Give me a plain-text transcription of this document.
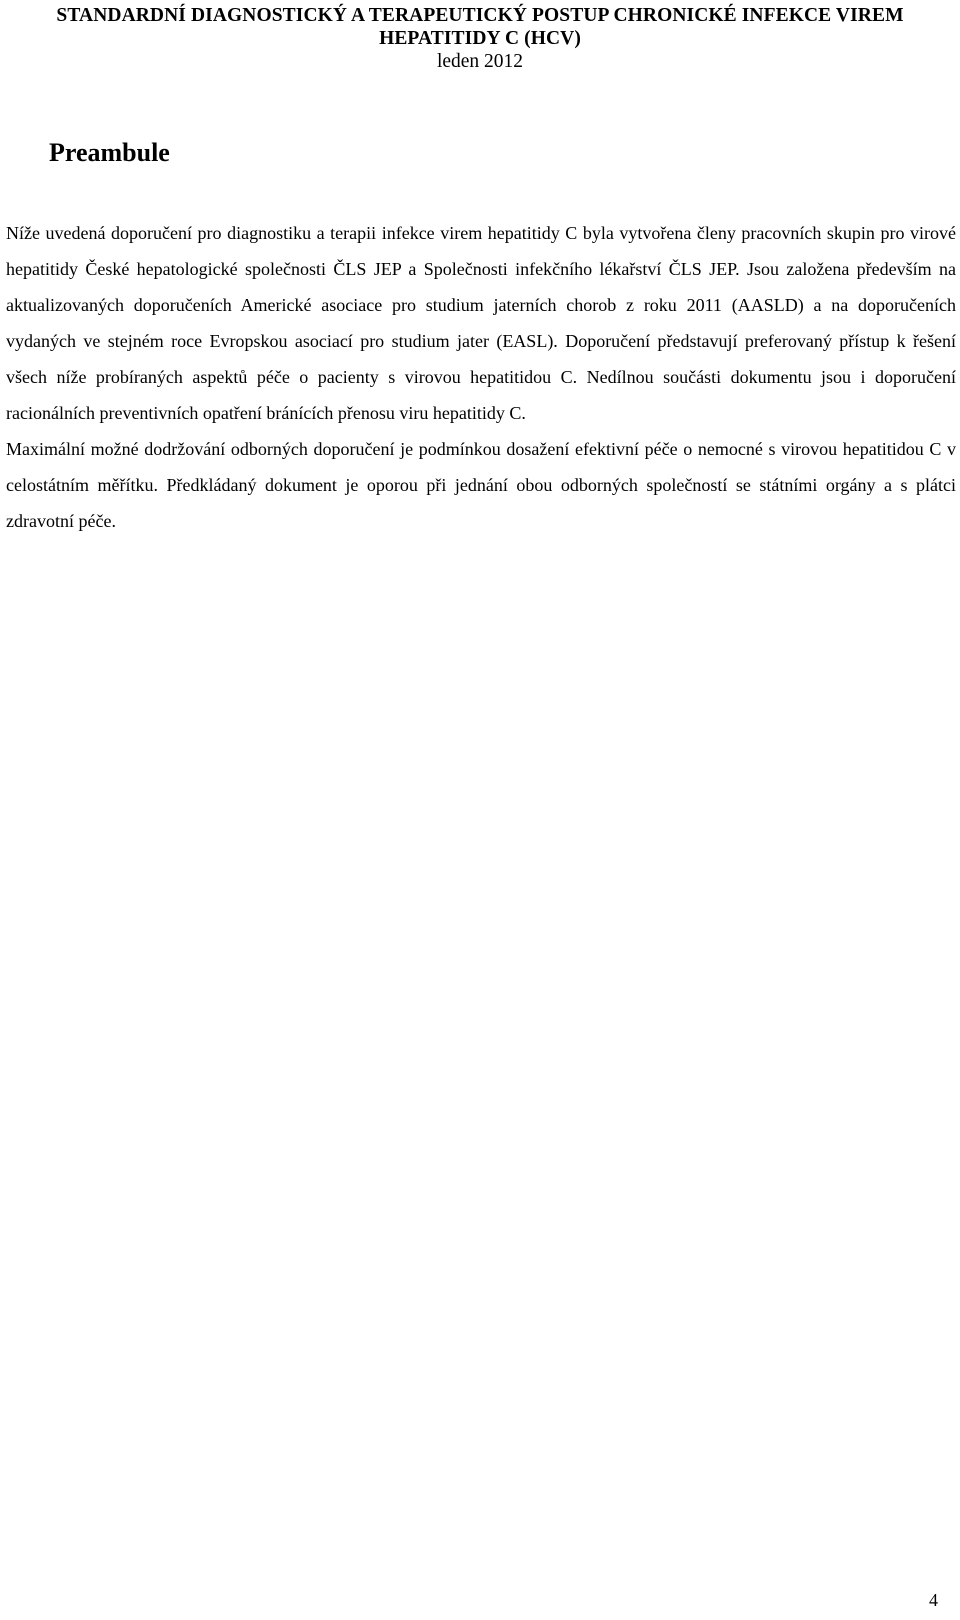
STANDARDNÍ DIAGNOSTICKÝ A TERAPEUTICKÝ POSTUP CHRONICKÉ INFEKCE VIREM
HEPATITIDY C (HCV)
leden 2012
Preambule

Níže uvedená doporučení pro diagnostiku a terapii infekce virem hepatitidy C byla vytvořena členy pracovních skupin pro virové hepatitidy České hepatologické společnosti ČLS JEP a Společnosti infekčního lékařství ČLS JEP. Jsou založena především na aktualizovaných doporučeních Americké asociace pro studium jaterních chorob z roku 2011 (AASLD) a na doporučeních vydaných ve stejném roce Evropskou asociací pro studium jater (EASL). Doporučení představují preferovaný přístup k řešení všech níže probíraných aspektů péče o pacienty s virovou hepatitidou C. Nedílnou součásti dokumentu jsou i doporučení racionálních preventivních opatření bránících přenosu viru hepatitidy C.

Maximální možné dodržování odborných doporučení je podmínkou dosažení efektivní péče o nemocné s virovou hepatitidou C v celostátním měřítku. Předkládaný dokument je oporou při jednání obou odborných společností se státními orgány a s plátci zdravotní péče.

4
